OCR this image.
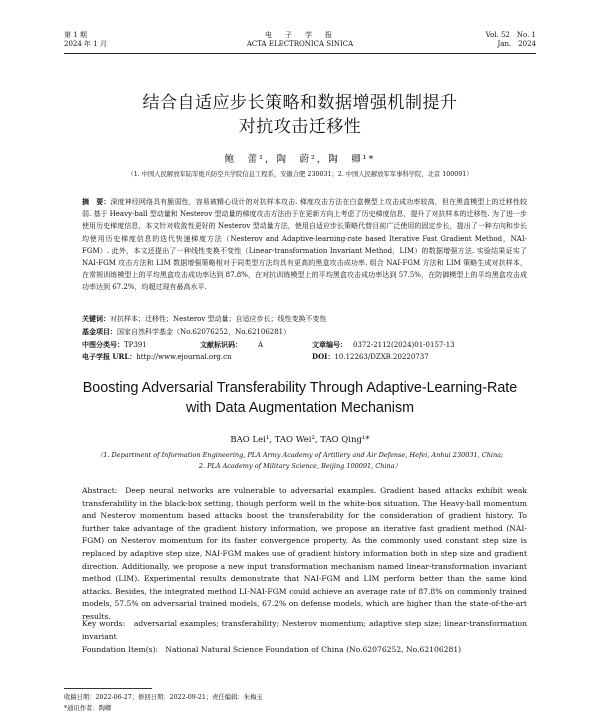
第 1 期
2024 年 1 月
电　子　学　报
ACTA ELECTRONICA SINICA
Vol. 52　No. 1
Jan.　2024
结合自适应步长策略和数据增强机制提升
对抗攻击迁移性
鲍　蕾¹，陶　蔚²，陶　卿¹*
（1. 中国人民解放军陆军炮兵防空兵学院信息工程系，安徽合肥 230031；2. 中国人民解放军军事科学院，北京 100091）
摘　要：深度神经网络具有脆弱性，容易被精心设计的对抗样本攻击. 梯度攻击方法在白盒模型上攻击成功率较高，但在黑盒模型上的迁移性较弱. 基于 Heavy-ball 型动量和 Nesterov 型动量的梯度攻击方法由于在更新方向上考虑了历史梯度信息，提升了对抗样本的迁移性. 为了进一步使用历史梯度信息，本文针对收敛性更好的 Nesterov 型动量方法，使用自适应步长策略代替目前广泛使用的固定步长，提出了一种方向和步长均使用历史梯度信息的迭代快速梯度方法（Nesterov and Adaptive-learning-rate based Iterative Fast Gradient Method，NAI-FGM）. 此外，本文还提出了一种线性变换不变性（Linear-transformation Invariant Method，LIM）的数据增强方法. 实验结果证实了 NAI-FGM 攻击方法和 LIM 数据增强策略相对于同类型方法均具有更高的黑盒攻击成功率. 组合 NAI-FGM 方法和 LIM 策略生成对抗样本，在常规训练模型上的平均黑盒攻击成功率达到 87.8%，在对抗训练模型上的平均黑盒攻击成功率达到 57.5%，在防御模型上的平均黑盒攻击成功率达到 67.2%，均超过现有最高水平.
关键词：对抗样本；迁移性；Nesterov 型动量；自适应步长；线性变换不变性
基金项目：国家自然科学基金（No.62076252，No.62106281）
中图分类号：TP391	文献标识码： A	文章编号： 0372-2112(2024)01-0157-13
电子学报 URL：http://www.ejournal.org.cn	DOI：10.12263/DZXB.20220737
Boosting Adversarial Transferability Through Adaptive-Learning-Rate
with Data Augmentation Mechanism
BAO Lei¹, TAO Wei², TAO Qing¹*
（1. Department of Information Engineering, PLA Army Academy of Artillery and Air Defense, Hefei, Anhui 230031, China;
2. PLA Academy of Military Science, Beijing 100091, China）
Abstract: Deep neural networks are vulnerable to adversarial examples. Gradient based attacks exhibit weak transferability in the black-box setting, though perform well in the white-box situation. The Heavy-ball momentum and Nesterov momentum based attacks boost the transferability for the consideration of gradient history. To further take advantage of the gradient history information, we propose an iterative fast gradient method (NAI-FGM) on Nesterov momentum for its faster convergence property. As the commonly used constant step size is replaced by adaptive step size, NAI-FGM makes use of gradient history information both in step size and gradient direction. Additionally, we propose a new input transformation mechanism named linear-transformation invariant method (LIM). Experimental results demonstrate that NAI-FGM and LIM perform better than the same kind attacks. Besides, the integrated method LI-NAI-FGM could achieve an average rate of 87.8% on commonly trained models, 57.5% on adversarial trained models, 67.2% on defense models, which are higher than the state-of-the-art results.
Key words: adversarial examples; transferability; Nesterov momentum; adaptive step size; linear-transformation invariant
Foundation Item(s): National Natural Science Foundation of China (No.62076252, No.62106281)
收稿日期：2022-06-27；修回日期：2022-09-21；责任编辑：朱梅玉
*通讯作者：陶卿
